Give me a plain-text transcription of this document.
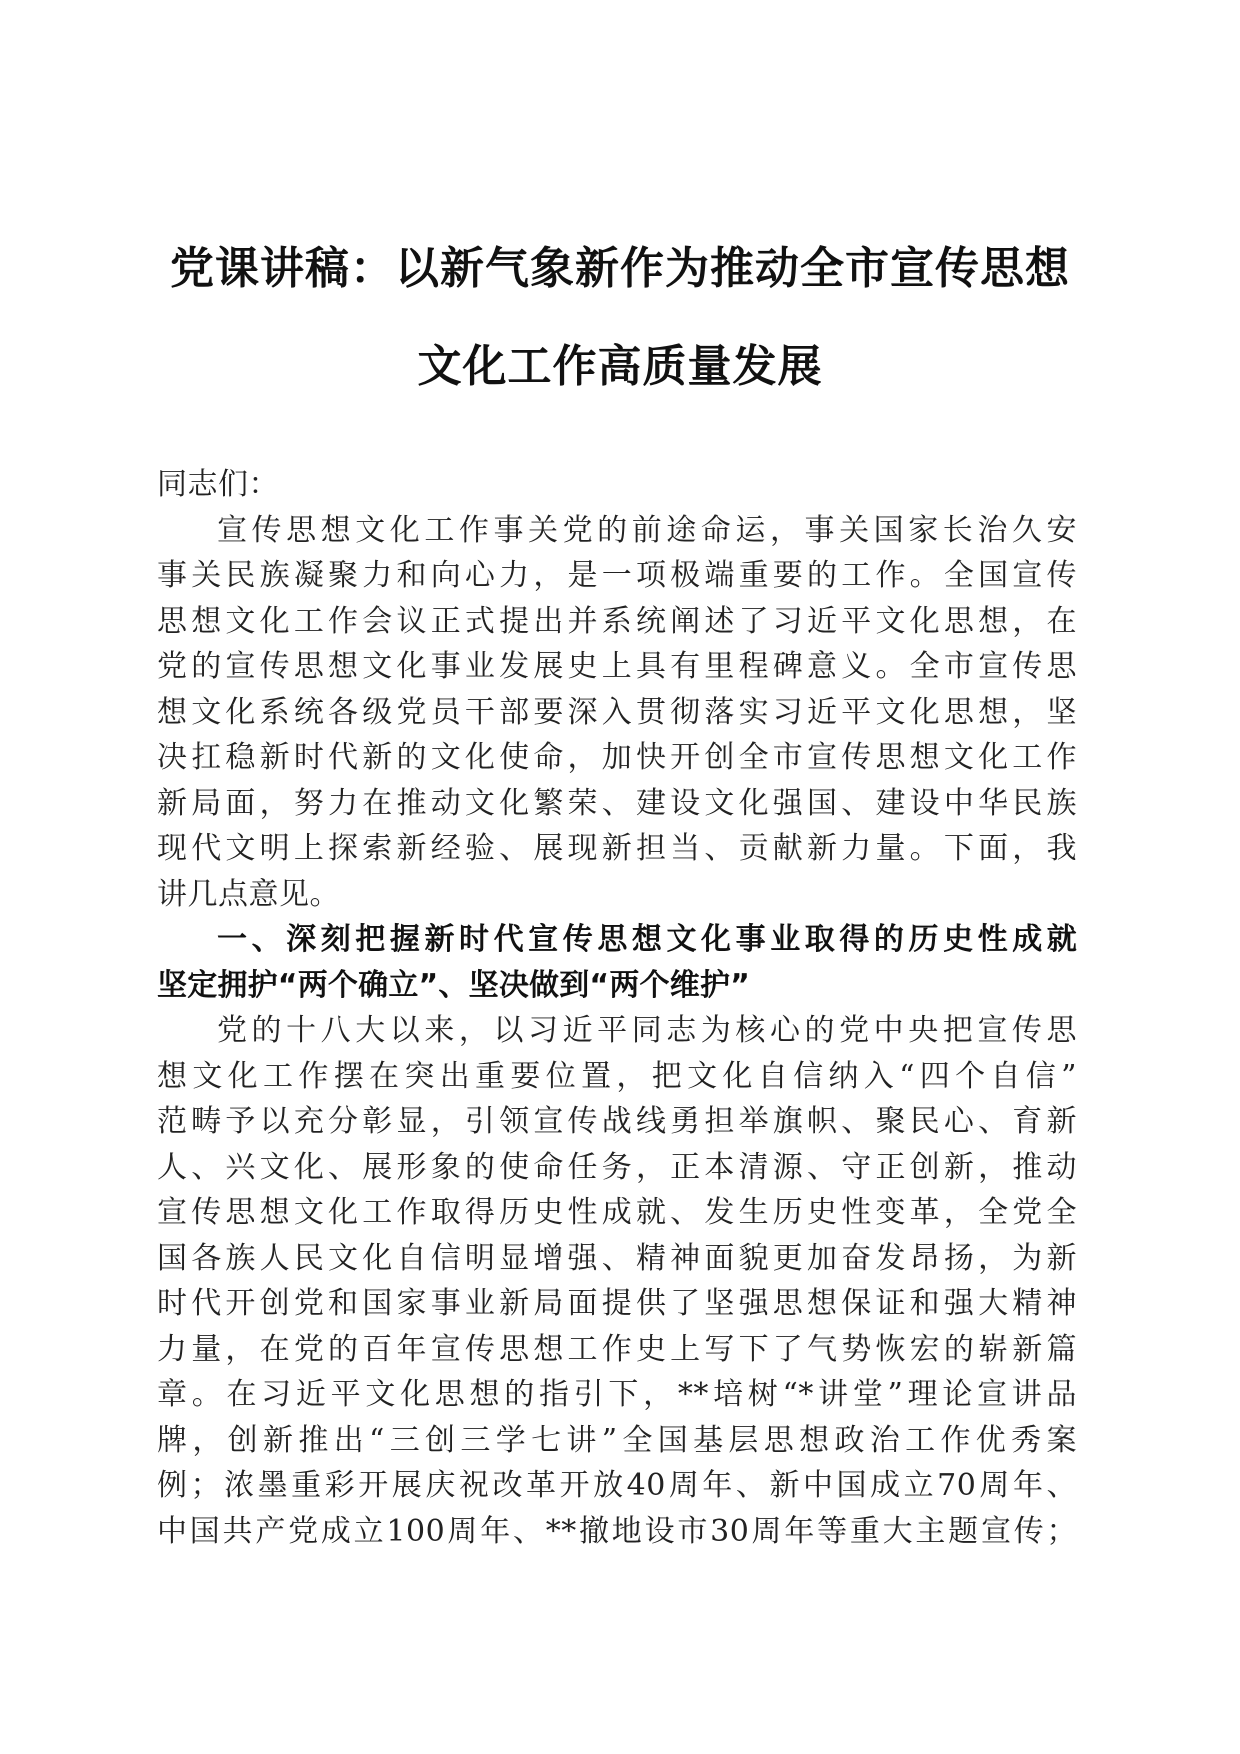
党课讲稿：以新气象新作为推动全市宣传思想
文化工作高质量发展
同志们：
宣传思想文化工作事关党的前途命运，事关国家长治久安
事关民族凝聚力和向心力，是一项极端重要的工作。全国宣传
思想文化工作会议正式提出并系统阐述了习近平文化思想，在
党的宣传思想文化事业发展史上具有里程碑意义。全市宣传思
想文化系统各级党员干部要深入贯彻落实习近平文化思想，坚
决扛稳新时代新的文化使命，加快开创全市宣传思想文化工作
新局面，努力在推动文化繁荣、建设文化强国、建设中华民族
现代文明上探索新经验、展现新担当、贡献新力量。下面，我
讲几点意见。
一、深刻把握新时代宣传思想文化事业取得的历史性成就
坚定拥护“两个确立”、坚决做到“两个维护”
党的十八大以来，以习近平同志为核心的党中央把宣传思
想文化工作摆在突出重要位置，把文化自信纳入“四个自信”
范畴予以充分彰显，引领宣传战线勇担举旗帜、聚民心、育新
人、兴文化、展形象的使命任务，正本清源、守正创新，推动
宣传思想文化工作取得历史性成就、发生历史性变革，全党全
国各族人民文化自信明显增强、精神面貌更加奋发昂扬，为新
时代开创党和国家事业新局面提供了坚强思想保证和强大精神
力量，在党的百年宣传思想工作史上写下了气势恢宏的崭新篇
章。在习近平文化思想的指引下，**培树“*讲堂”理论宣讲品
牌，创新推出“三创三学七讲”全国基层思想政治工作优秀案
例；浓墨重彩开展庆祝改革开放40周年、新中国成立70周年、
中国共产党成立100周年、**撤地设市30周年等重大主题宣传；
